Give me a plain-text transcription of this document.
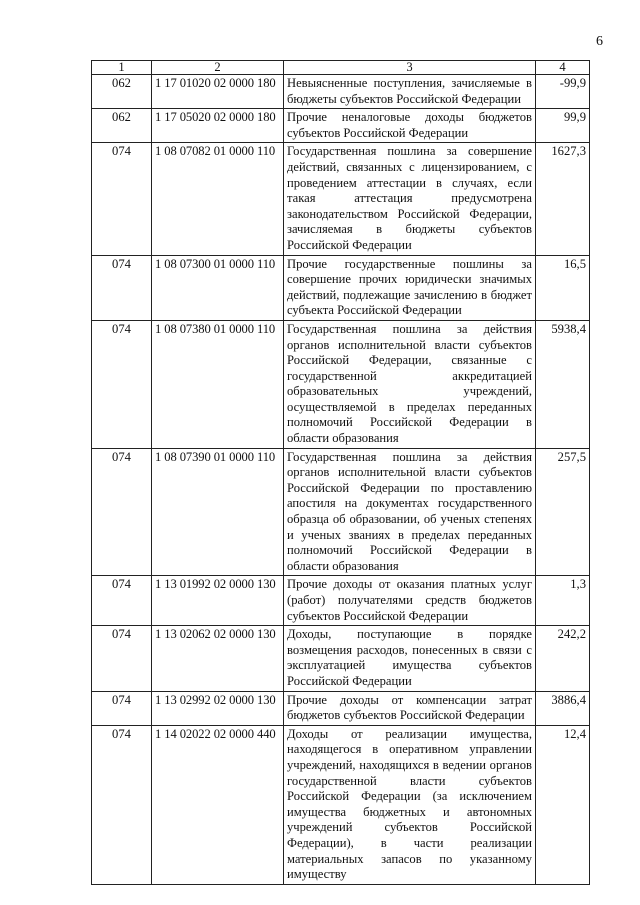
6
1	2	3	4
062	1 17 01020 02 0000 180	Невыясненные поступления, зачисляемые в бюджеты субъектов Российской Федерации	-99,9
062	1 17 05020 02 0000 180	Прочие неналоговые доходы бюджетов субъектов Российской Федерации	99,9
074	1 08 07082 01 0000 110	Государственная пошлина за совершение действий, связанных с лицензированием, с проведением аттестации в случаях, если такая аттестация предусмотрена законодательством Российской Федерации, зачисляемая в бюджеты субъектов Российской Федерации	1627,3
074	1 08 07300 01 0000 110	Прочие государственные пошлины за совершение прочих юридически значимых действий, подлежащие зачислению в бюджет субъекта Российской Федерации	16,5
074	1 08 07380 01 0000 110	Государственная пошлина за действия органов исполнительной власти субъектов Российской Федерации, связанные с государственной аккредитацией образовательных учреждений, осуществляемой в пределах переданных полномочий Российской Федерации в области образования	5938,4
074	1 08 07390 01 0000 110	Государственная пошлина за действия органов исполнительной власти субъектов Российской Федерации по проставлению апостиля на документах государственного образца об образовании, об ученых степенях и ученых званиях в пределах переданных полномочий Российской Федерации в области образования	257,5
074	1 13 01992 02 0000 130	Прочие доходы от оказания платных услуг (работ) получателями средств бюджетов субъектов Российской Федерации	1,3
074	1 13 02062 02 0000 130	Доходы, поступающие в порядке возмещения расходов, понесенных в связи с эксплуатацией имущества субъектов Российской Федерации	242,2
074	1 13 02992 02 0000 130	Прочие доходы от компенсации затрат бюджетов субъектов Российской Федерации	3886,4
074	1 14 02022 02 0000 440	Доходы от реализации имущества, находящегося в оперативном управлении учреждений, находящихся в ведении органов государственной власти субъектов Российской Федерации (за исключением имущества бюджетных и автономных учреждений субъектов Российской Федерации), в части реализации материальных запасов по указанному имуществу	12,4
